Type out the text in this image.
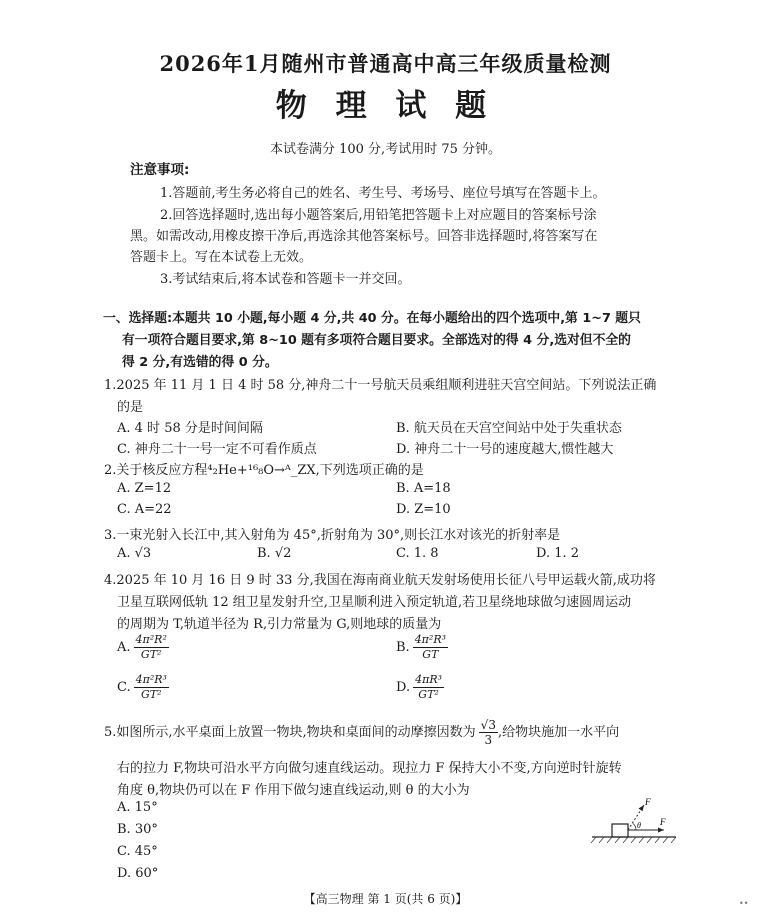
2026年1月随州市普通高中高三年级质量检测
物 理 试 题
本试卷满分 100 分,考试用时 75 分钟。
注意事项:
1.答题前,考生务必将自己的姓名、考生号、考场号、座位号填写在答题卡上。
2.回答选择题时,选出每小题答案后,用铅笔把答题卡上对应题目的答案标号涂
黑。如需改动,用橡皮擦干净后,再选涂其他答案标号。回答非选择题时,将答案写在
答题卡上。写在本试卷上无效。
3.考试结束后,将本试卷和答题卡一并交回。
一、选择题:本题共 10 小题,每小题 4 分,共 40 分。在每小题给出的四个选项中,第 1~7 题只
有一项符合题目要求,第 8~10 题有多项符合题目要求。全部选对的得 4 分,选对但不全的
得 2 分,有选错的得 0 分。
1.2025 年 11 月 1 日 4 时 58 分,神舟二十一号航天员乘组顺利进驻天宫空间站。下列说法正确
的是
A. 4 时 58 分是时间间隔	B. 航天员在天宫空间站中处于失重状态
C. 神舟二十一号一定不可看作质点	D. 神舟二十一号的速度越大,惯性越大
2.关于核反应方程⁴₂He+¹⁶₈O→ᴬ_ZX,下列选项正确的是
A. Z=12	B. A=18
C. A=22	D. Z=10
3.一束光射入长江中,其入射角为 45°,折射角为 30°,则长江水对该光的折射率是
A. √3	B. √2	C. 1. 8	D. 1. 2
4.2025 年 10 月 16 日 9 时 33 分,我国在海南商业航天发射场使用长征八号甲运载火箭,成功将
卫星互联网低轨 12 组卫星发射升空,卫星顺利进入预定轨道,若卫星绕地球做匀速圆周运动
的周期为 T,轨道半径为 R,引力常量为 G,则地球的质量为
A. $\frac{\text{4π²R²}}{\text{GT²}}$	B. $\frac{\text{4π²R³}}{GT}$
C. $\frac{\text{4π²R³}}{\text{GT²}}$	D. $\frac{\text{4πR³}}{\text{GT²}}$
5.如图所示,水平桌面上放置一物块,物块和桌面间的动摩擦因数为 $\frac{√3}{3}$ ,给物块施加一水平向
右的拉力 F,物块可沿水平方向做匀速直线运动。现拉力 F 保持大小不变,方向逆时针旋转
角度 θ,物块仍可以在 F 作用下做匀速直线运动,则 θ 的大小为
A. 15°
B. 30°
C. 45°
D. 60°
F
F
θ
【高三物理 第 1 页(共 6 页)】	••
